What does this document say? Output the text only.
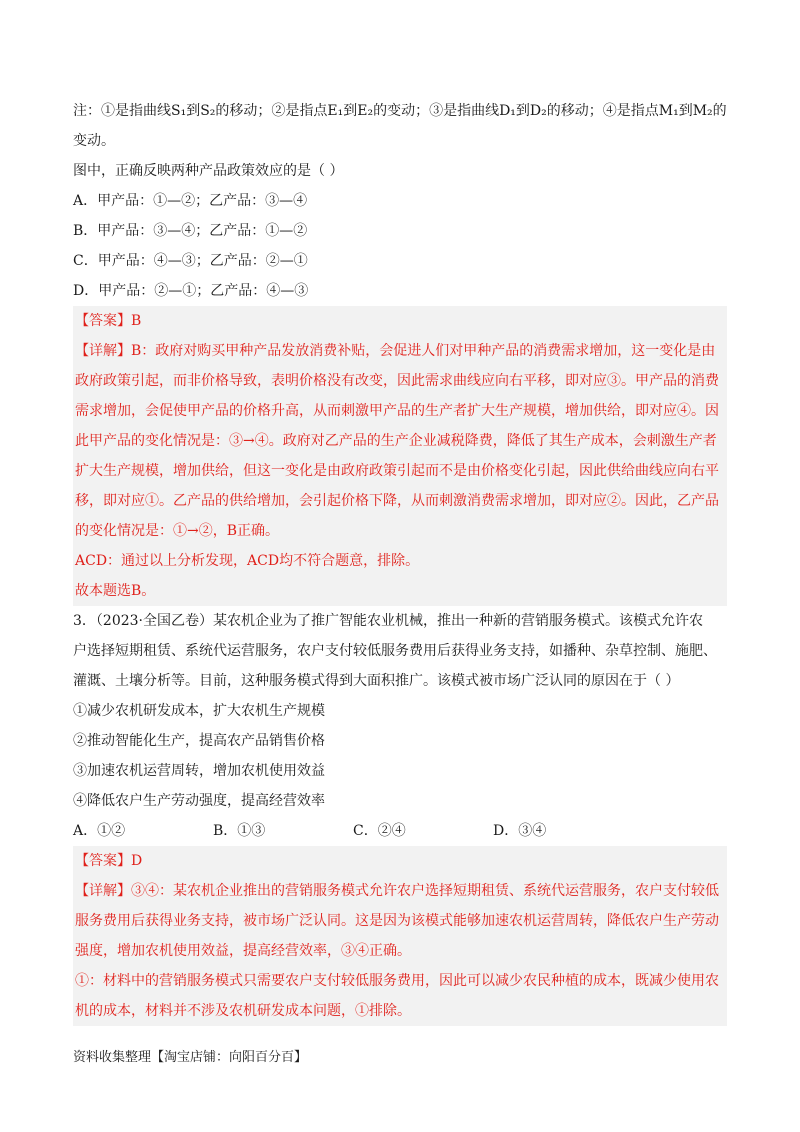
注：①是指曲线S₁到S₂的移动；②是指点E₁到E₂的变动；③是指曲线D₁到D₂的移动；④是指点M₁到M₂的
变动。
图中，正确反映两种产品政策效应的是（ ）
A．甲产品：①—②；乙产品：③—④
B．甲产品：③—④；乙产品：①—②
C．甲产品：④—③；乙产品：②—①
D．甲产品：②—①；乙产品：④—③
【答案】B
【详解】B：政府对购买甲种产品发放消费补贴，会促进人们对甲种产品的消费需求增加，这一变化是由
政府政策引起，而非价格导致，表明价格没有改变，因此需求曲线应向右平移，即对应③。甲产品的消费
需求增加，会促使甲产品的价格升高，从而刺激甲产品的生产者扩大生产规模，增加供给，即对应④。因
此甲产品的变化情况是：③→④。政府对乙产品的生产企业减税降费，降低了其生产成本，会刺激生产者
扩大生产规模，增加供给，但这一变化是由政府政策引起而不是由价格变化引起，因此供给曲线应向右平
移，即对应①。乙产品的供给增加，会引起价格下降，从而刺激消费需求增加，即对应②。因此，乙产品
的变化情况是：①→②，B正确。
ACD：通过以上分析发现，ACD均不符合题意，排除。
故本题选B。
3．（2023·全国乙卷）某农机企业为了推广智能农业机械，推出一种新的营销服务模式。该模式允许农
户选择短期租赁、系统代运营服务，农户支付较低服务费用后获得业务支持，如播种、杂草控制、施肥、
灌溉、土壤分析等。目前，这种服务模式得到大面积推广。该模式被市场广泛认同的原因在于（ ）
①减少农机研发成本，扩大农机生产规模
②推动智能化生产，提高农产品销售价格
③加速农机运营周转，增加农机使用效益
④降低农户生产劳动强度，提高经营效率
A．①②	B．①③	C．②④	D．③④
【答案】D
【详解】③④：某农机企业推出的营销服务模式允许农户选择短期租赁、系统代运营服务，农户支付较低
服务费用后获得业务支持，被市场广泛认同。这是因为该模式能够加速农机运营周转，降低农户生产劳动
强度，增加农机使用效益，提高经营效率，③④正确。
①：材料中的营销服务模式只需要农户支付较低服务费用，因此可以减少农民种植的成本，既减少使用农
机的成本，材料并不涉及农机研发成本问题，①排除。
资料收集整理【淘宝店铺：向阳百分百】
